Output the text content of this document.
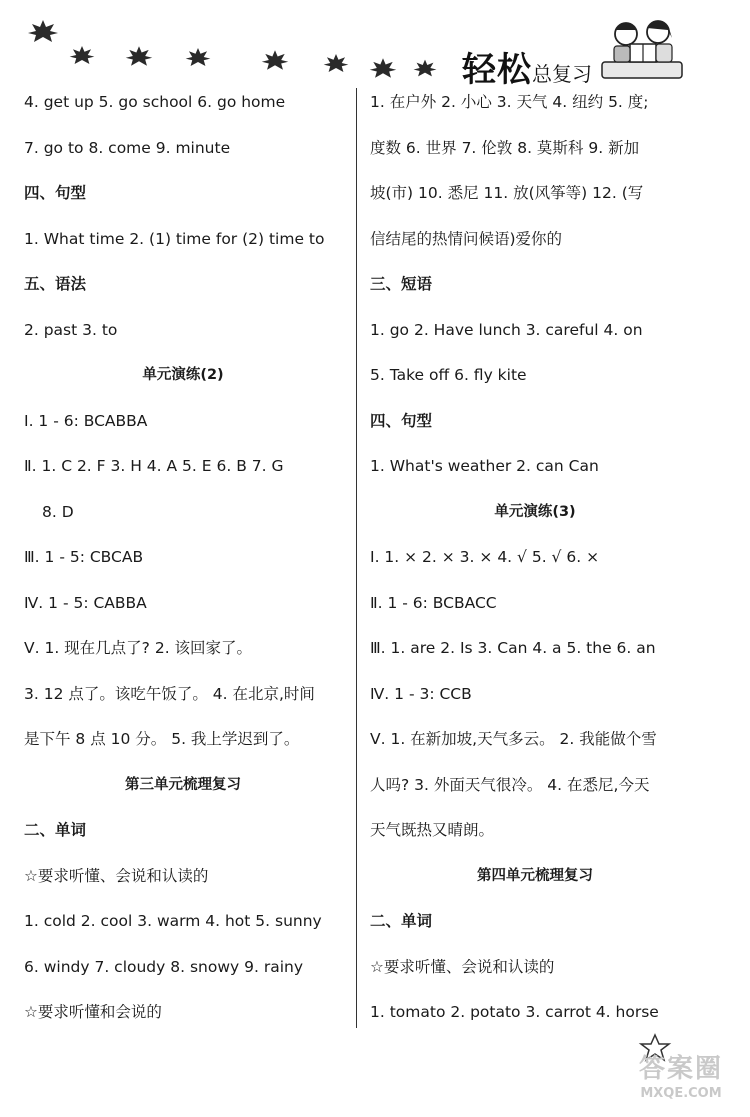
轻松总复习
4. get up 5. go school 6. go home
7. go to 8. come 9. minute
四、句型
1. What time 2. (1) time for (2) time to
五、语法
2. past 3. to
单元演练(2)
Ⅰ. 1 - 6: BCABBA
Ⅱ. 1. C 2. F 3. H 4. A 5. E 6. B 7. G
8. D
Ⅲ. 1 - 5: CBCAB
Ⅳ. 1 - 5: CABBA
Ⅴ. 1. 现在几点了? 2. 该回家了。
3. 12 点了。该吃午饭了。 4. 在北京,时间
是下午 8 点 10 分。 5. 我上学迟到了。
第三单元梳理复习
二、单词
☆要求听懂、会说和认读的
1. cold 2. cool 3. warm 4. hot 5. sunny
6. windy 7. cloudy 8. snowy 9. rainy
☆要求听懂和会说的
1. 在户外 2. 小心 3. 天气 4. 纽约 5. 度;
度数 6. 世界 7. 伦敦 8. 莫斯科 9. 新加
坡(市) 10. 悉尼 11. 放(风筝等) 12. (写
信结尾的热情问候语)爱你的
三、短语
1. go 2. Have lunch 3. careful 4. on
5. Take off 6. fly kite
四、句型
1. What's weather 2. can Can
单元演练(3)
Ⅰ. 1. × 2. × 3. × 4. √ 5. √ 6. ×
Ⅱ. 1 - 6: BCBACC
Ⅲ. 1. are 2. Is 3. Can 4. a 5. the 6. an
Ⅳ. 1 - 3: CCB
Ⅴ. 1. 在新加坡,天气多云。 2. 我能做个雪
人吗? 3. 外面天气很冷。 4. 在悉尼,今天
天气既热又晴朗。
第四单元梳理复习
二、单词
☆要求听懂、会说和认读的
1. tomato 2. potato 3. carrot 4. horse
答案圈
MXQE.COM
